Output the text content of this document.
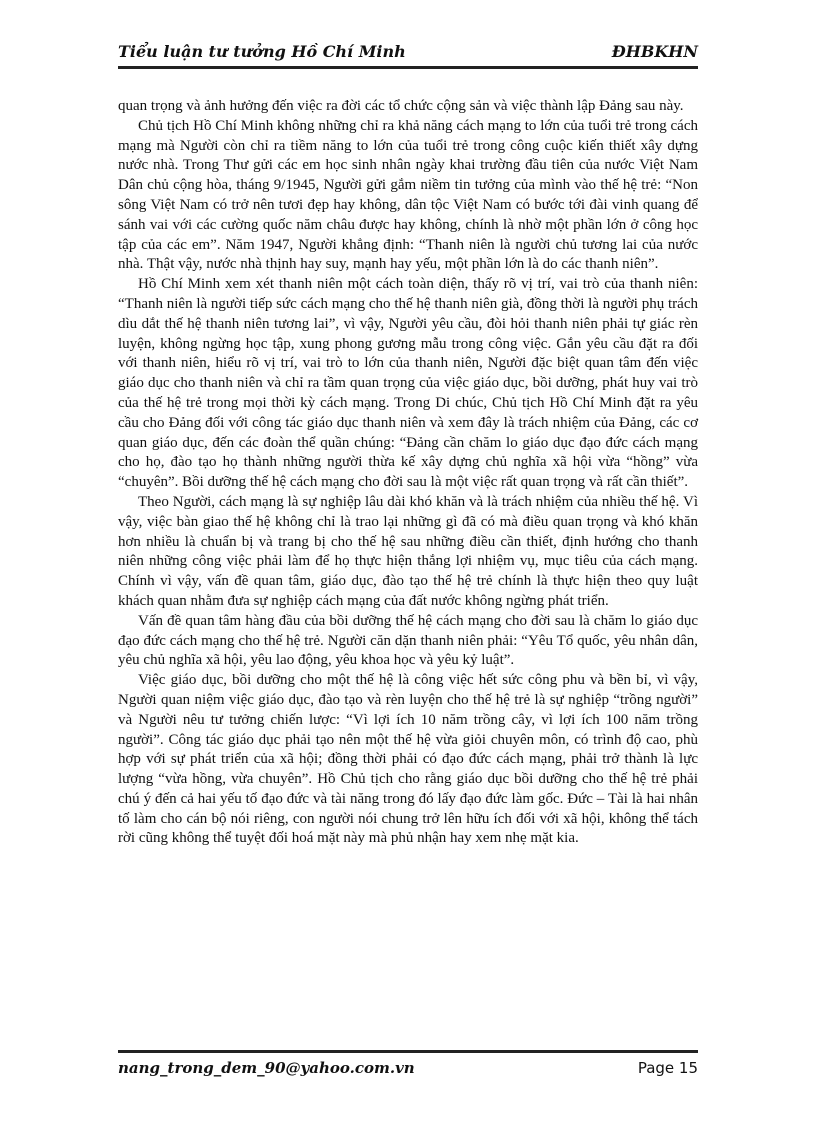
Tiểu luận tư tưởng Hồ Chí Minh	ĐHBKHN

quan trọng và ảnh hưởng đến việc ra đời các tổ chức cộng sản và việc thành lập Đảng sau này.

Chủ tịch Hồ Chí Minh không những chỉ ra khả năng cách mạng to lớn của tuổi trẻ trong cách mạng mà Người còn chỉ ra tiềm năng to lớn của tuổi trẻ trong công cuộc kiến thiết xây dựng nước nhà. Trong Thư gửi các em học sinh nhân ngày khai trường đầu tiên của nước Việt Nam Dân chủ cộng hòa, tháng 9/1945, Người gửi gắm niềm tin tưởng của mình vào thế hệ trẻ: “Non sông Việt Nam có trở nên tươi đẹp hay không, dân tộc Việt Nam có bước tới đài vinh quang để sánh vai với các cường quốc năm châu được hay không, chính là nhờ một phần lớn ở công học tập của các em”. Năm 1947, Người khẳng định: “Thanh niên là người chủ tương lai của nước nhà. Thật vậy, nước nhà thịnh hay suy, mạnh hay yếu, một phần lớn là do các thanh niên”.

Hồ Chí Minh xem xét thanh niên một cách toàn diện, thấy rõ vị trí, vai trò của thanh niên: “Thanh niên là người tiếp sức cách mạng cho thế hệ thanh niên già, đồng thời là người phụ trách dìu dắt thế hệ thanh niên tương lai”, vì vậy, Người yêu cầu, đòi hỏi thanh niên phải tự giác rèn luyện, không ngừng học tập, xung phong gương mẫu trong công việc. Gắn yêu cầu đặt ra đối với thanh niên, hiểu rõ vị trí, vai trò to lớn của thanh niên, Người đặc biệt quan tâm đến việc giáo dục cho thanh niên và chỉ ra tầm quan trọng của việc giáo dục, bồi dưỡng, phát huy vai trò của thế hệ trẻ trong mọi thời kỳ cách mạng. Trong Di chúc, Chủ tịch Hồ Chí Minh đặt ra yêu cầu cho Đảng đối với công tác giáo dục thanh niên và xem đây là trách nhiệm của Đảng, các cơ quan giáo dục, đến các đoàn thể quần chúng: “Đảng cần chăm lo giáo dục đạo đức cách mạng cho họ, đào tạo họ thành những người thừa kế xây dựng chủ nghĩa xã hội vừa “hồng” vừa “chuyên”. Bồi dưỡng thế hệ cách mạng cho đời sau là một việc rất quan trọng và rất cần thiết”.

Theo Người, cách mạng là sự nghiệp lâu dài khó khăn và là trách nhiệm của nhiều thế hệ. Vì vậy, việc bàn giao thế hệ không chỉ là trao lại những gì đã có mà điều quan trọng và khó khăn hơn nhiều là chuẩn bị và trang bị cho thế hệ sau những điều cần thiết, định hướng cho thanh niên những công việc phải làm để họ thực hiện thắng lợi nhiệm vụ, mục tiêu của cách mạng. Chính vì vậy, vấn đề quan tâm, giáo dục, đào tạo thế hệ trẻ chính là thực hiện theo quy luật khách quan nhằm đưa sự nghiệp cách mạng của đất nước không ngừng phát triển.

Vấn đề quan tâm hàng đầu của bồi dưỡng thế hệ cách mạng cho đời sau là chăm lo giáo dục đạo đức cách mạng cho thế hệ trẻ. Người căn dặn thanh niên phải: “Yêu Tổ quốc, yêu nhân dân, yêu chủ nghĩa xã hội, yêu lao động, yêu khoa học và yêu kỷ luật”.

Việc giáo dục, bồi dưỡng cho một thế hệ là công việc hết sức công phu và bền bỉ, vì vậy, Người quan niệm việc giáo dục, đào tạo và rèn luyện cho thế hệ trẻ là sự nghiệp “trồng người” và Người nêu tư tưởng chiến lược: “Vì lợi ích 10 năm trồng cây, vì lợi ích 100 năm trồng người”. Công tác giáo dục phải tạo nên một thế hệ vừa giỏi chuyên môn, có trình độ cao, phù hợp với sự phát triển của xã hội; đồng thời phải có đạo đức cách mạng, phải trở thành là lực lượng “vừa hồng, vừa chuyên”. Hồ Chủ tịch cho rằng giáo dục bồi dưỡng cho thế hệ trẻ phải chú ý đến cả hai yếu tố đạo đức và tài năng trong đó lấy đạo đức làm gốc. Đức – Tài là hai nhân tố làm cho cán bộ nói riêng, con người nói chung trở lên hữu ích đối với xã hội, không thể tách rời cũng không thể tuyệt đối hoá mặt này mà phủ nhận hay xem nhẹ mặt kia.

nang_trong_dem_90@yahoo.com.vn	Page 15
